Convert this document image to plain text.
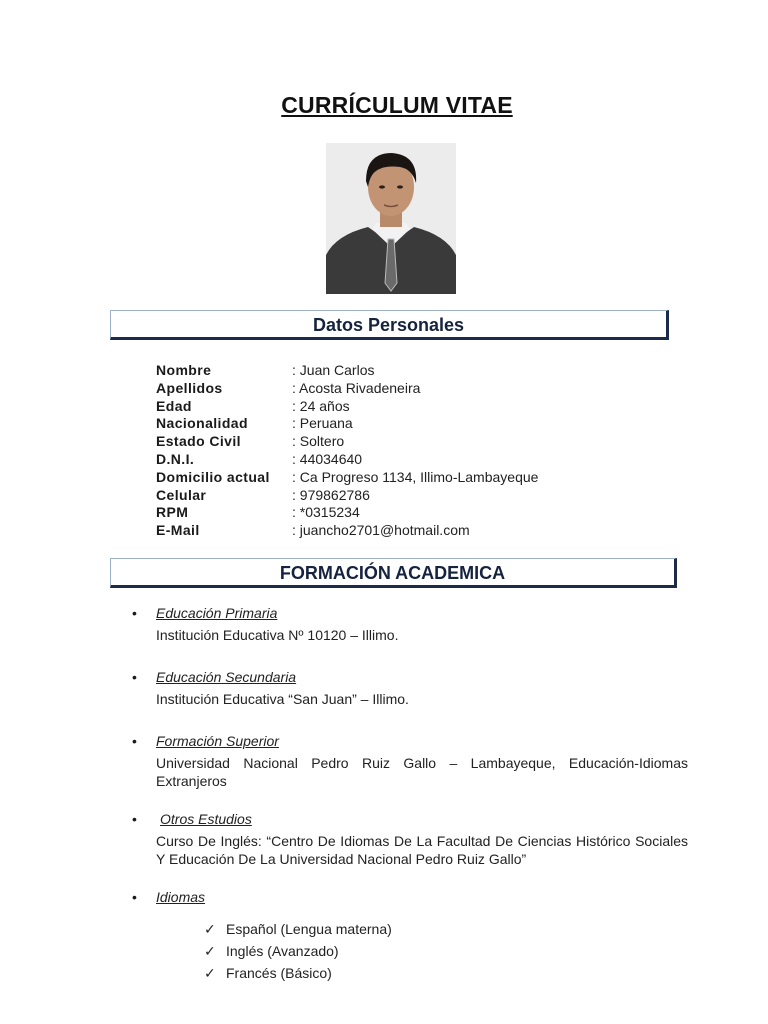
CURRÍCULUM VITAE
Datos Personales
Nombre	: Juan Carlos
Apellidos	: Acosta Rivadeneira
Edad	: 24 años
Nacionalidad	: Peruana
Estado Civil	: Soltero
D.N.I.	: 44034640
Domicilio actual	: Ca Progreso 1134, Illimo-Lambayeque
Celular	: 979862786
RPM	: *0315234
E-Mail	: juancho2701@hotmail.com
FORMACIÓN ACADEMICA
• Educación Primaria
Institución Educativa Nº 10120 – Illimo.
• Educación Secundaria
Institución Educativa “San Juan” – Illimo.
• Formación Superior
Universidad Nacional Pedro Ruiz Gallo – Lambayeque, Educación-Idiomas Extranjeros
• Otros Estudios
Curso De Inglés: “Centro De Idiomas De La Facultad De Ciencias Histórico Sociales Y Educación De La Universidad Nacional Pedro Ruiz Gallo”
• Idiomas
✓ Español (Lengua materna)
✓ Inglés (Avanzado)
✓ Francés (Básico)
